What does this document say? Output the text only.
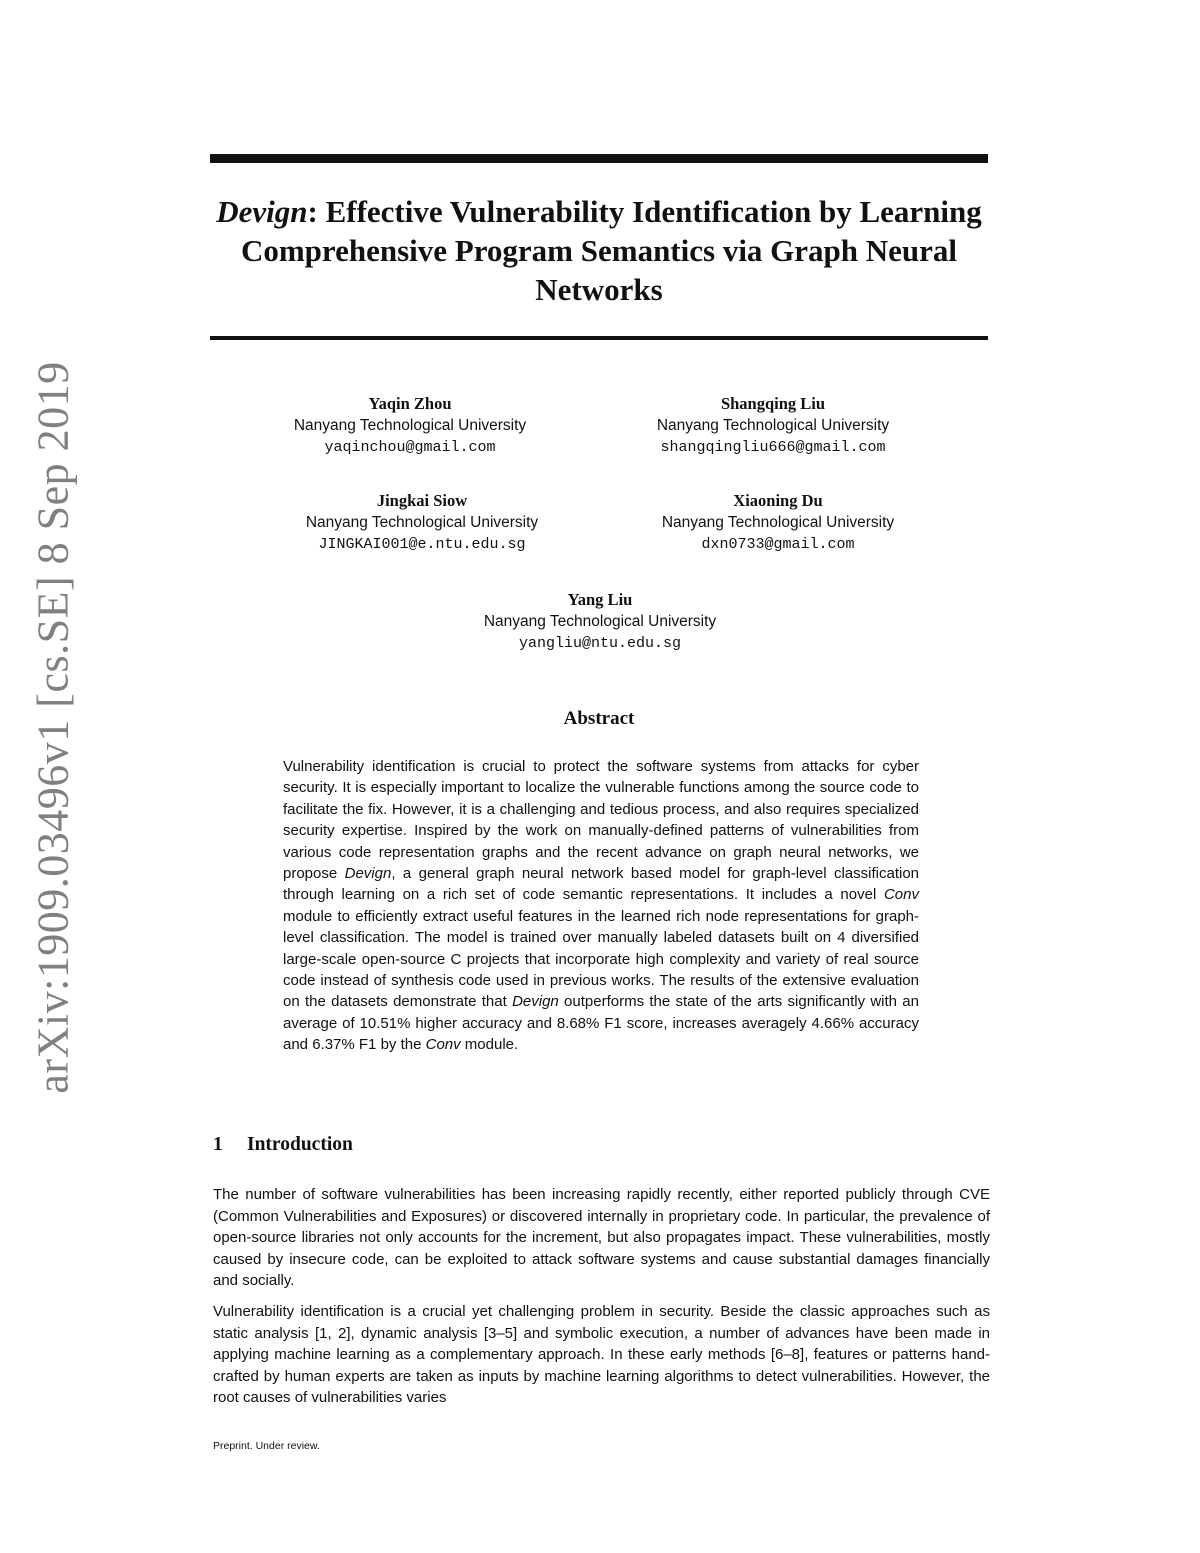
arXiv:1909.03496v1 [cs.SE] 8 Sep 2019
Devign: Effective Vulnerability Identification by Learning Comprehensive Program Semantics via Graph Neural Networks
Yaqin Zhou
Nanyang Technological University
yaqinchou@gmail.com
Shangqing Liu
Nanyang Technological University
shangqingliu666@gmail.com
Jingkai Siow
Nanyang Technological University
JINGKAI001@e.ntu.edu.sg
Xiaoning Du
Nanyang Technological University
dxn0733@gmail.com
Yang Liu
Nanyang Technological University
yangliu@ntu.edu.sg
Abstract

Vulnerability identification is crucial to protect the software systems from attacks for cyber security. It is especially important to localize the vulnerable functions among the source code to facilitate the fix. However, it is a challenging and tedious process, and also requires specialized security expertise. Inspired by the work on manually-defined patterns of vulnerabilities from various code representation graphs and the recent advance on graph neural networks, we propose Devign, a general graph neural network based model for graph-level classification through learning on a rich set of code semantic representations. It includes a novel Conv module to efficiently extract useful features in the learned rich node representations for graph-level classification. The model is trained over manually labeled datasets built on 4 diversified large-scale open-source C projects that incorporate high complexity and variety of real source code instead of synthesis code used in previous works. The results of the extensive evaluation on the datasets demonstrate that Devign outperforms the state of the arts significantly with an average of 10.51% higher accuracy and 8.68% F1 score, increases averagely 4.66% accuracy and 6.37% F1 by the Conv module.

1 Introduction

The number of software vulnerabilities has been increasing rapidly recently, either reported publicly through CVE (Common Vulnerabilities and Exposures) or discovered internally in proprietary code. In particular, the prevalence of open-source libraries not only accounts for the increment, but also propagates impact. These vulnerabilities, mostly caused by insecure code, can be exploited to attack software systems and cause substantial damages financially and socially.

Vulnerability identification is a crucial yet challenging problem in security. Beside the classic approaches such as static analysis [1, 2], dynamic analysis [3–5] and symbolic execution, a number of advances have been made in applying machine learning as a complementary approach. In these early methods [6–8], features or patterns hand-crafted by human experts are taken as inputs by machine learning algorithms to detect vulnerabilities. However, the root causes of vulnerabilities varies

Preprint. Under review.
